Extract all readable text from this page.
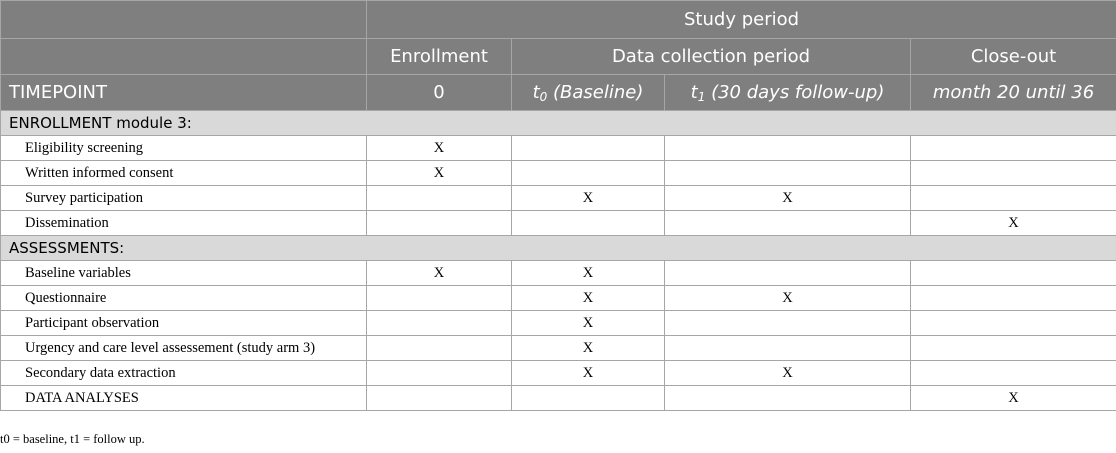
	Study period			
	Enrollment	Data collection period		Close-out
TIMEPOINT	0	$t_0$ (Baseline)	$t_1$ (30 days follow-up)	month 20 until 36
ENROLLMENT module 3:				
Eligibility screening	X			
Written informed consent	X			
Survey participation		X	X	
Dissemination				X
ASSESSMENTS:				
Baseline variables	X	X		
Questionnaire		X	X	
Participant observation		X		
Urgency and care level assessement (study arm 3)		X		
Secondary data extraction		X	X	
DATA ANALYSES				X
t0 = baseline, t1 = follow up.
